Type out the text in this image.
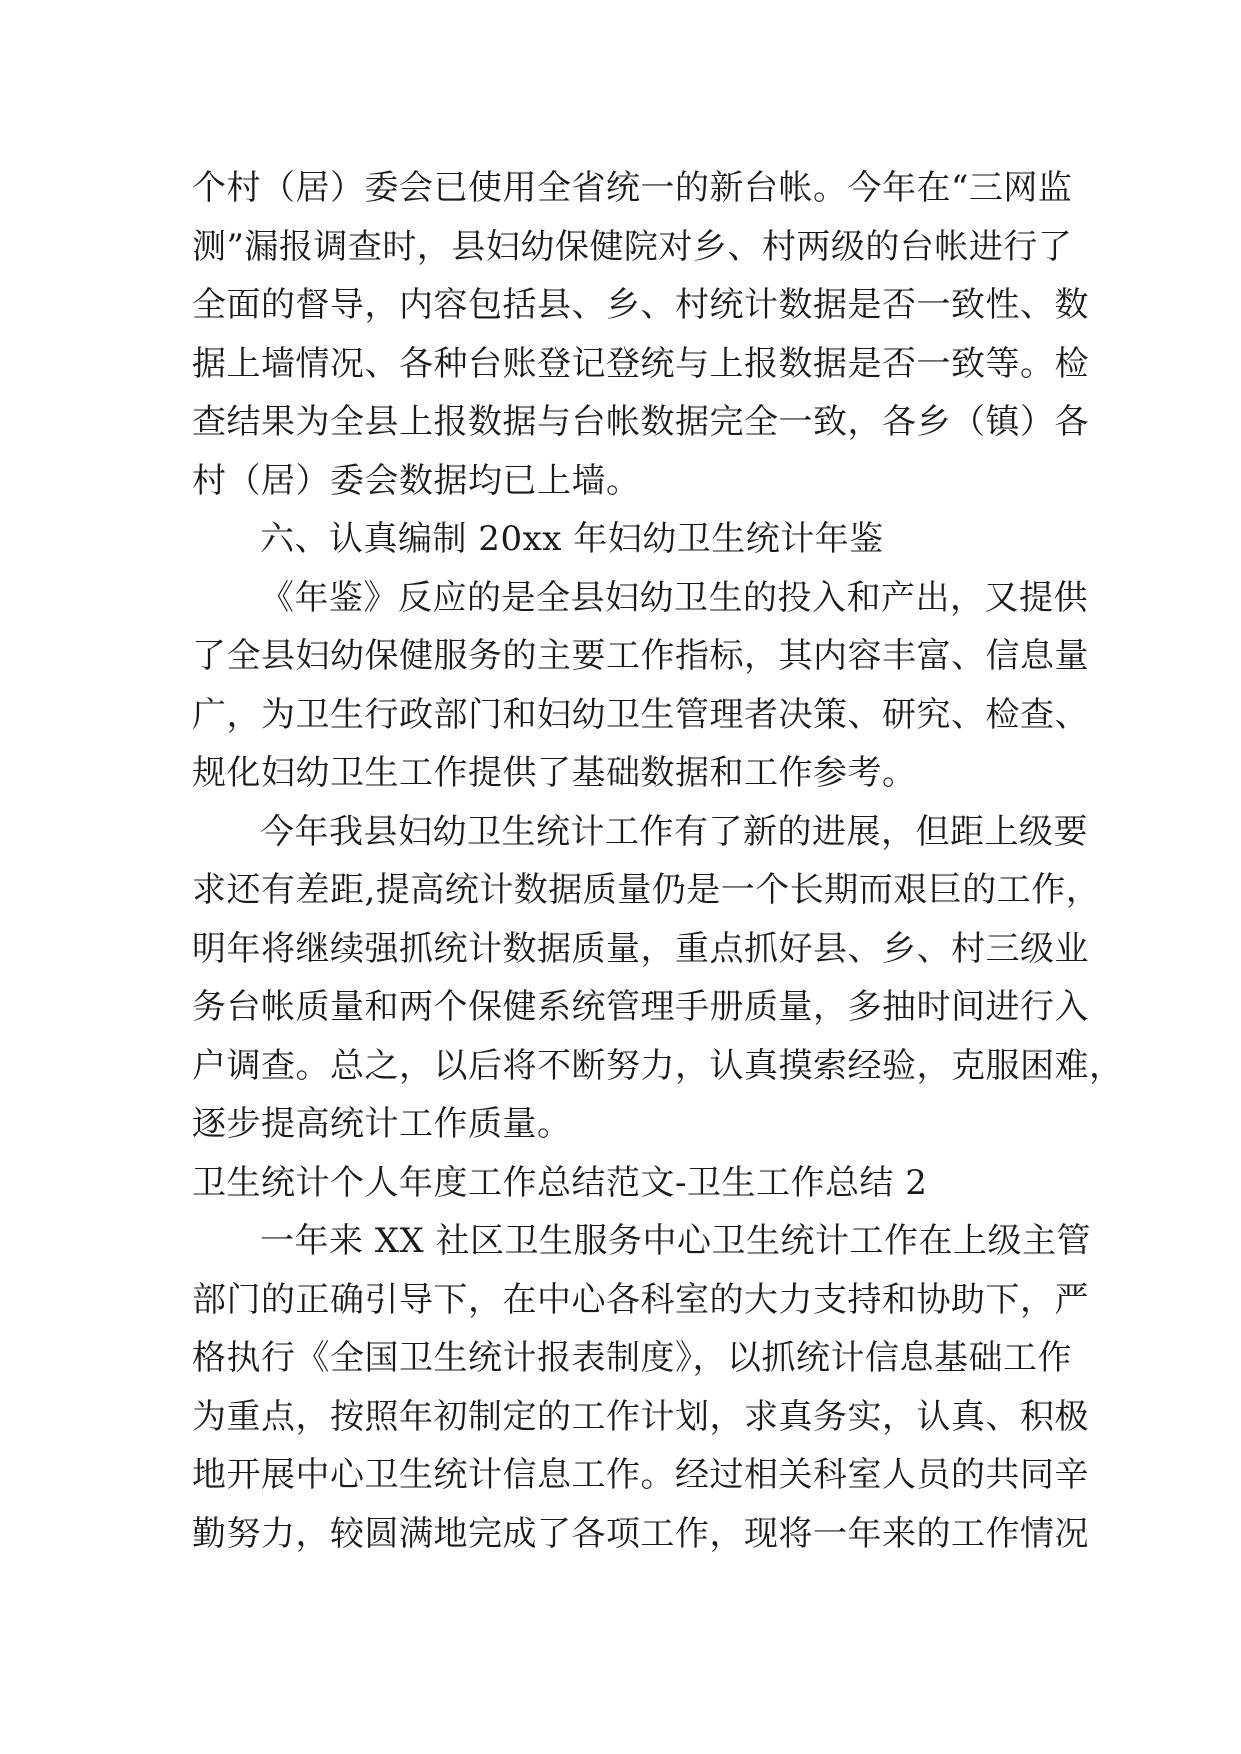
个村（居）委会已使用全省统一的新台帐。今年在“三网监
测”漏报调查时，县妇幼保健院对乡、村两级的台帐进行了
全面的督导，内容包括县、乡、村统计数据是否一致性、数
据上墙情况、各种台账登记登统与上报数据是否一致等。检
查结果为全县上报数据与台帐数据完全一致，各乡（镇）各
村（居）委会数据均已上墙。
六、认真编制 20xx 年妇幼卫生统计年鉴
《年鉴》反应的是全县妇幼卫生的投入和产出，又提供
了全县妇幼保健服务的主要工作指标，其内容丰富、信息量
广，为卫生行政部门和妇幼卫生管理者决策、研究、检查、
规化妇幼卫生工作提供了基础数据和工作参考。
今年我县妇幼卫生统计工作有了新的进展，但距上级要
求还有差距,提高统计数据质量仍是一个长期而艰巨的工作，
明年将继续强抓统计数据质量，重点抓好县、乡、村三级业
务台帐质量和两个保健系统管理手册质量，多抽时间进行入
户调查。总之，以后将不断努力，认真摸索经验，克服困难，
逐步提高统计工作质量。
卫生统计个人年度工作总结范文-卫生工作总结 2
一年来 XX 社区卫生服务中心卫生统计工作在上级主管
部门的正确引导下，在中心各科室的大力支持和协助下，严
格执行《全国卫生统计报表制度》，以抓统计信息基础工作
为重点，按照年初制定的工作计划，求真务实，认真、积极
地开展中心卫生统计信息工作。经过相关科室人员的共同辛
勤努力，较圆满地完成了各项工作，现将一年来的工作情况
